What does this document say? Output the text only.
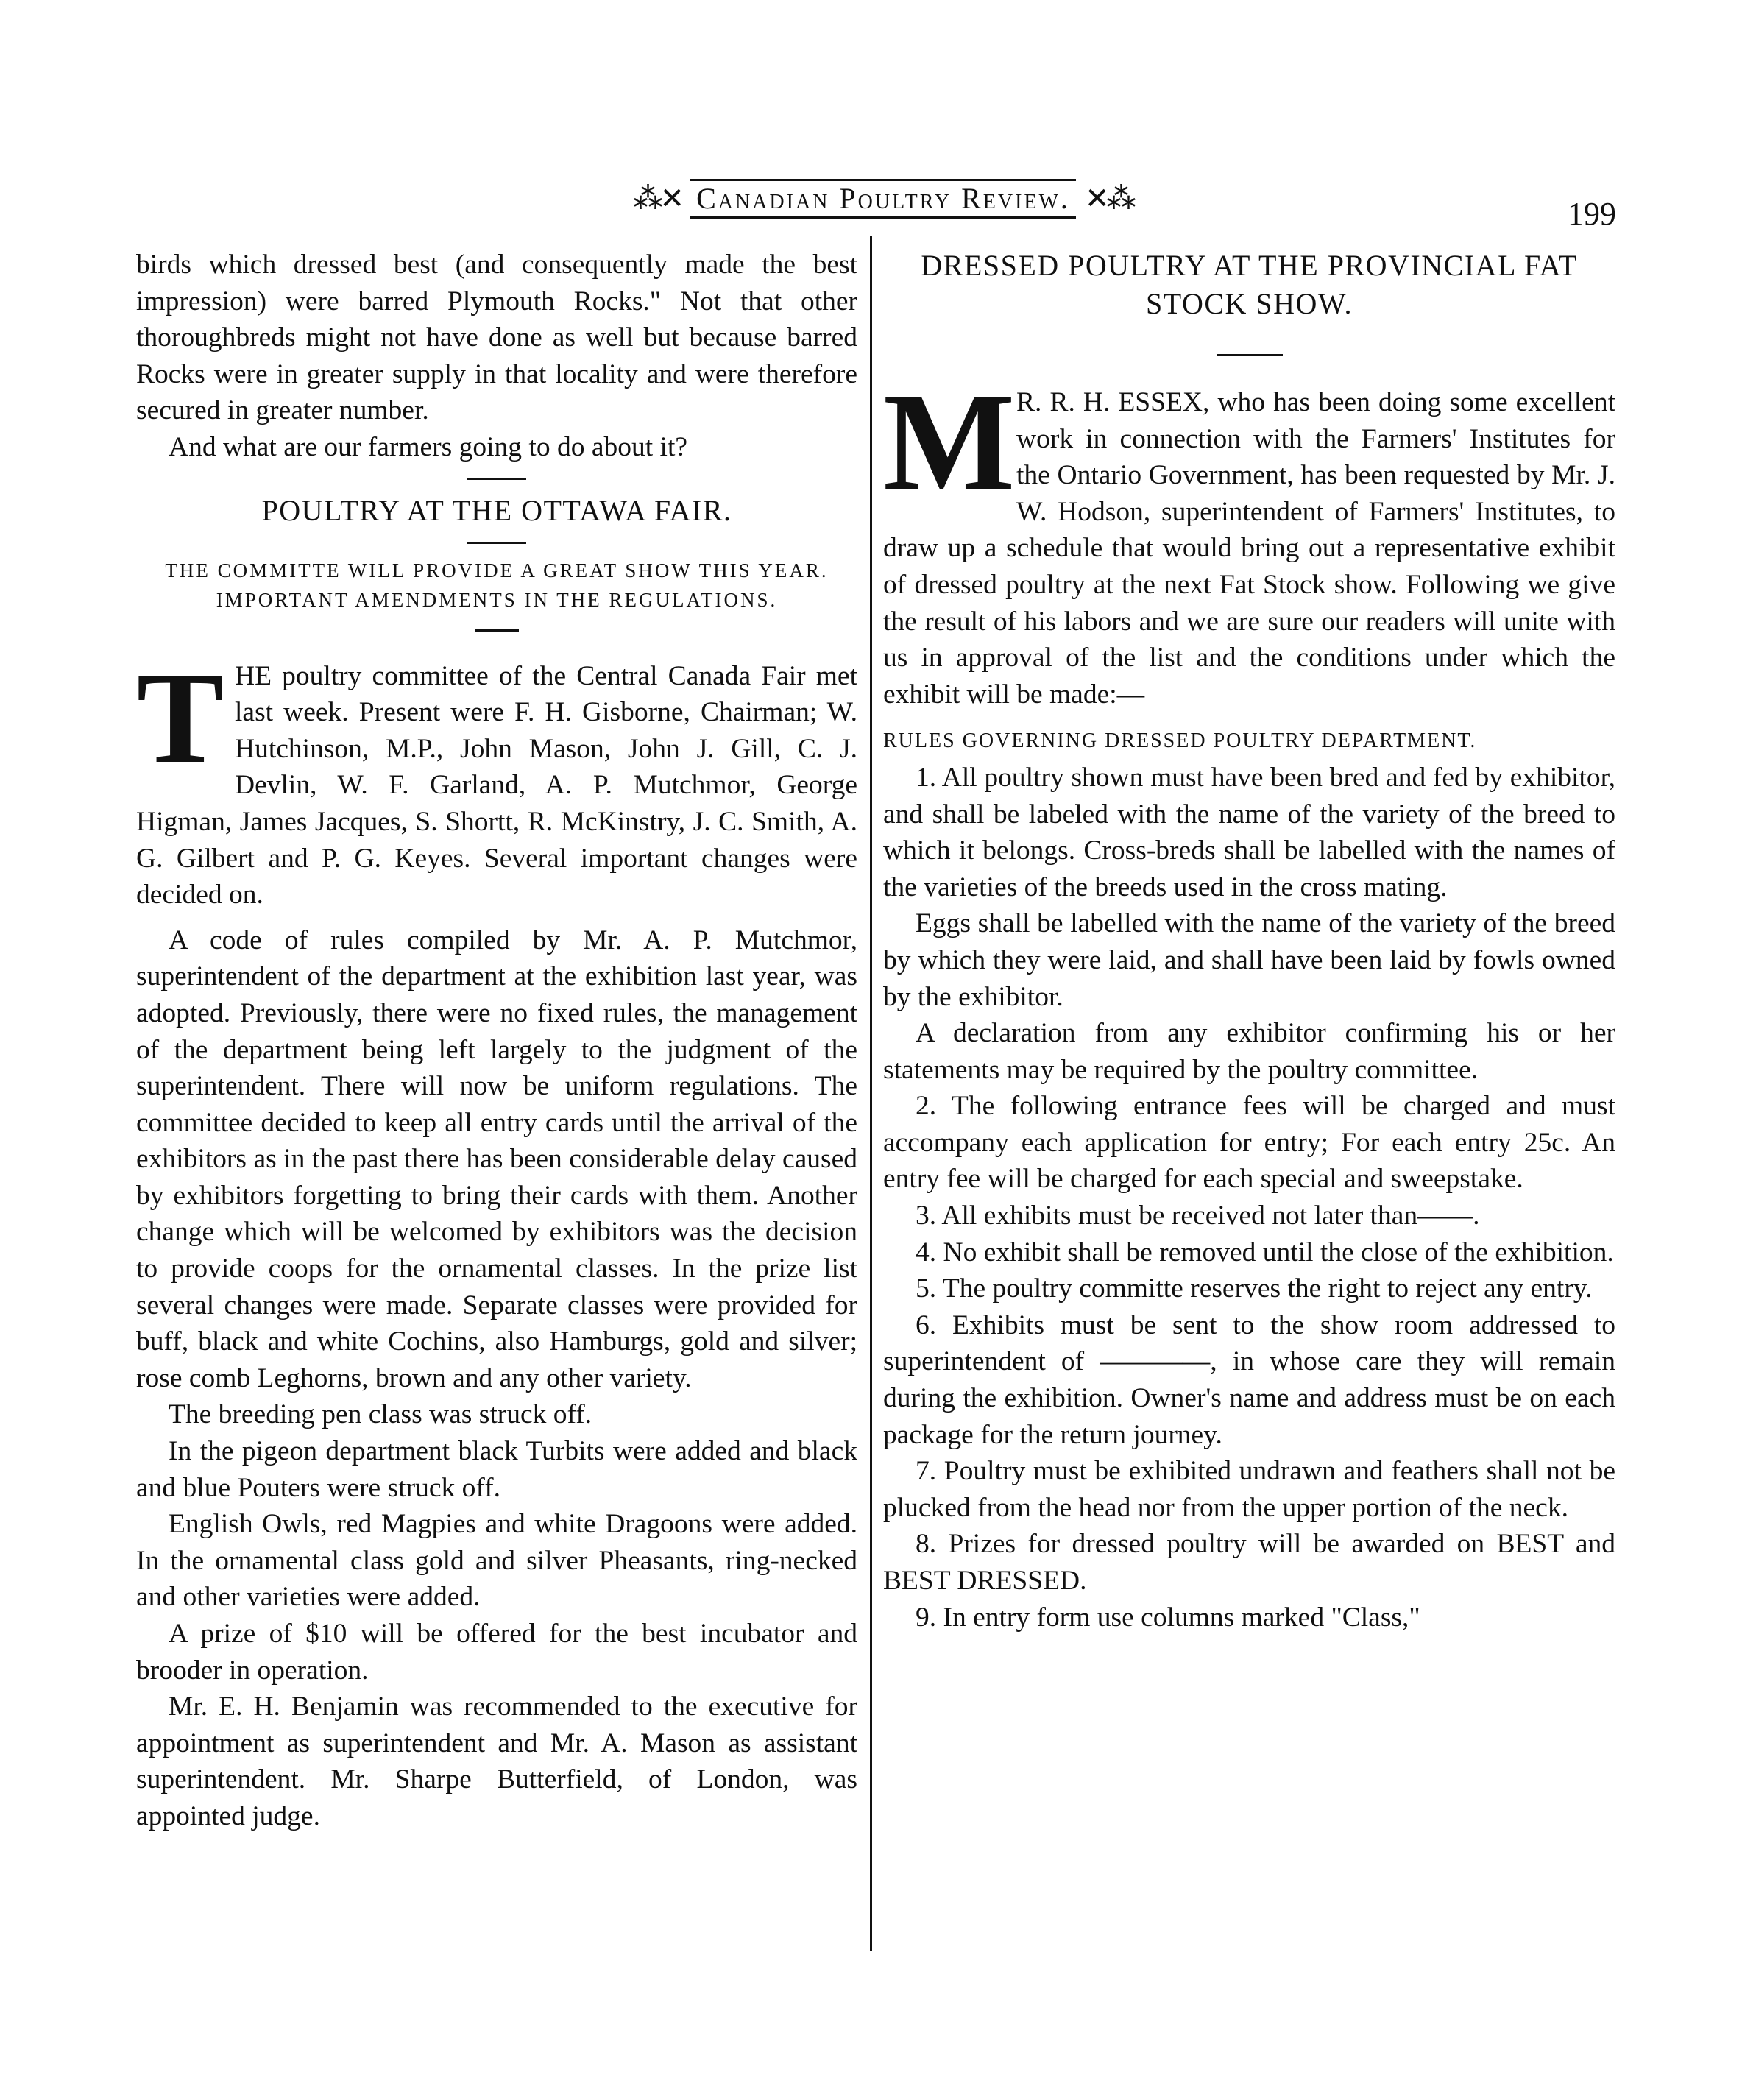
⁂✕ Canadian Poultry Review. ✕⁂	199

birds which dressed best (and consequently made the best impression) were barred Plymouth Rocks." Not that other thoroughbreds might not have done as well but because barred Rocks were in greater supply in that locality and were therefore secured in greater number.

And what are our farmers going to do about it?

POULTRY AT THE OTTAWA FAIR.

THE COMMITTE WILL PROVIDE A GREAT SHOW THIS YEAR. IMPORTANT AMENDMENTS IN THE REGULATIONS.

T HE poultry committee of the Central Canada Fair met last week. Present were F. H. Gisborne, Chairman; W. Hutchinson, M.P., John Mason, John J. Gill, C. J. Devlin, W. F. Garland, A. P. Mutchmor, George Higman, James Jacques, S. Shortt, R. McKinstry, J. C. Smith, A. G. Gilbert and P. G. Keyes. Several important changes were decided on.

A code of rules compiled by Mr. A. P. Mutchmor, superintendent of the department at the exhibition last year, was adopted. Previously, there were no fixed rules, the management of the department being left largely to the judgment of the superintendent. There will now be uniform regulations. The committee decided to keep all entry cards until the arrival of the exhibitors as in the past there has been considerable delay caused by exhibitors forgetting to bring their cards with them. Another change which will be welcomed by exhibitors was the decision to provide coops for the ornamental classes. In the prize list several changes were made. Separate classes were provided for buff, black and white Cochins, also Hamburgs, gold and silver; rose comb Leghorns, brown and any other variety.

The breeding pen class was struck off.

In the pigeon department black Turbits were added and black and blue Pouters were struck off.

English Owls, red Magpies and white Dragoons were added. In the ornamental class gold and silver Pheasants, ring-necked and other varieties were added.

A prize of $10 will be offered for the best incubator and brooder in operation.

Mr. E. H. Benjamin was recommended to the executive for appointment as superintendent and Mr. A. Mason as assistant superintendent. Mr. Sharpe Butterfield, of London, was appointed judge.

DRESSED POULTRY AT THE PROVINCIAL FAT STOCK SHOW.

M R. R. H. ESSEX, who has been doing some excellent work in connection with the Farmers' Institutes for the Ontario Government, has been requested by Mr. J. W. Hodson, superintendent of Farmers' Institutes, to draw up a schedule that would bring out a representative exhibit of dressed poultry at the next Fat Stock show. Following we give the result of his labors and we are sure our readers will unite with us in approval of the list and the conditions under which the exhibit will be made:—

RULES GOVERNING DRESSED POULTRY DEPARTMENT.

1. All poultry shown must have been bred and fed by exhibitor, and shall be labeled with the name of the variety of the breed to which it belongs. Cross-breds shall be labelled with the names of the varieties of the breeds used in the cross mating.

Eggs shall be labelled with the name of the variety of the breed by which they were laid, and shall have been laid by fowls owned by the exhibitor.

A declaration from any exhibitor confirming his or her statements may be required by the poultry committee.

2. The following entrance fees will be charged and must accompany each application for entry; For each entry 25c. An entry fee will be charged for each special and sweepstake.

3. All exhibits must be received not later than——.

4. No exhibit shall be removed until the close of the exhibition.

5. The poultry committe reserves the right to reject any entry.

6. Exhibits must be sent to the show room addressed to superintendent of ————, in whose care they will remain during the exhibition. Owner's name and address must be on each package for the return journey.

7. Poultry must be exhibited undrawn and feathers shall not be plucked from the head nor from the upper portion of the neck.

8. Prizes for dressed poultry will be awarded on BEST and BEST DRESSED.

9. In entry form use columns marked "Class,"
